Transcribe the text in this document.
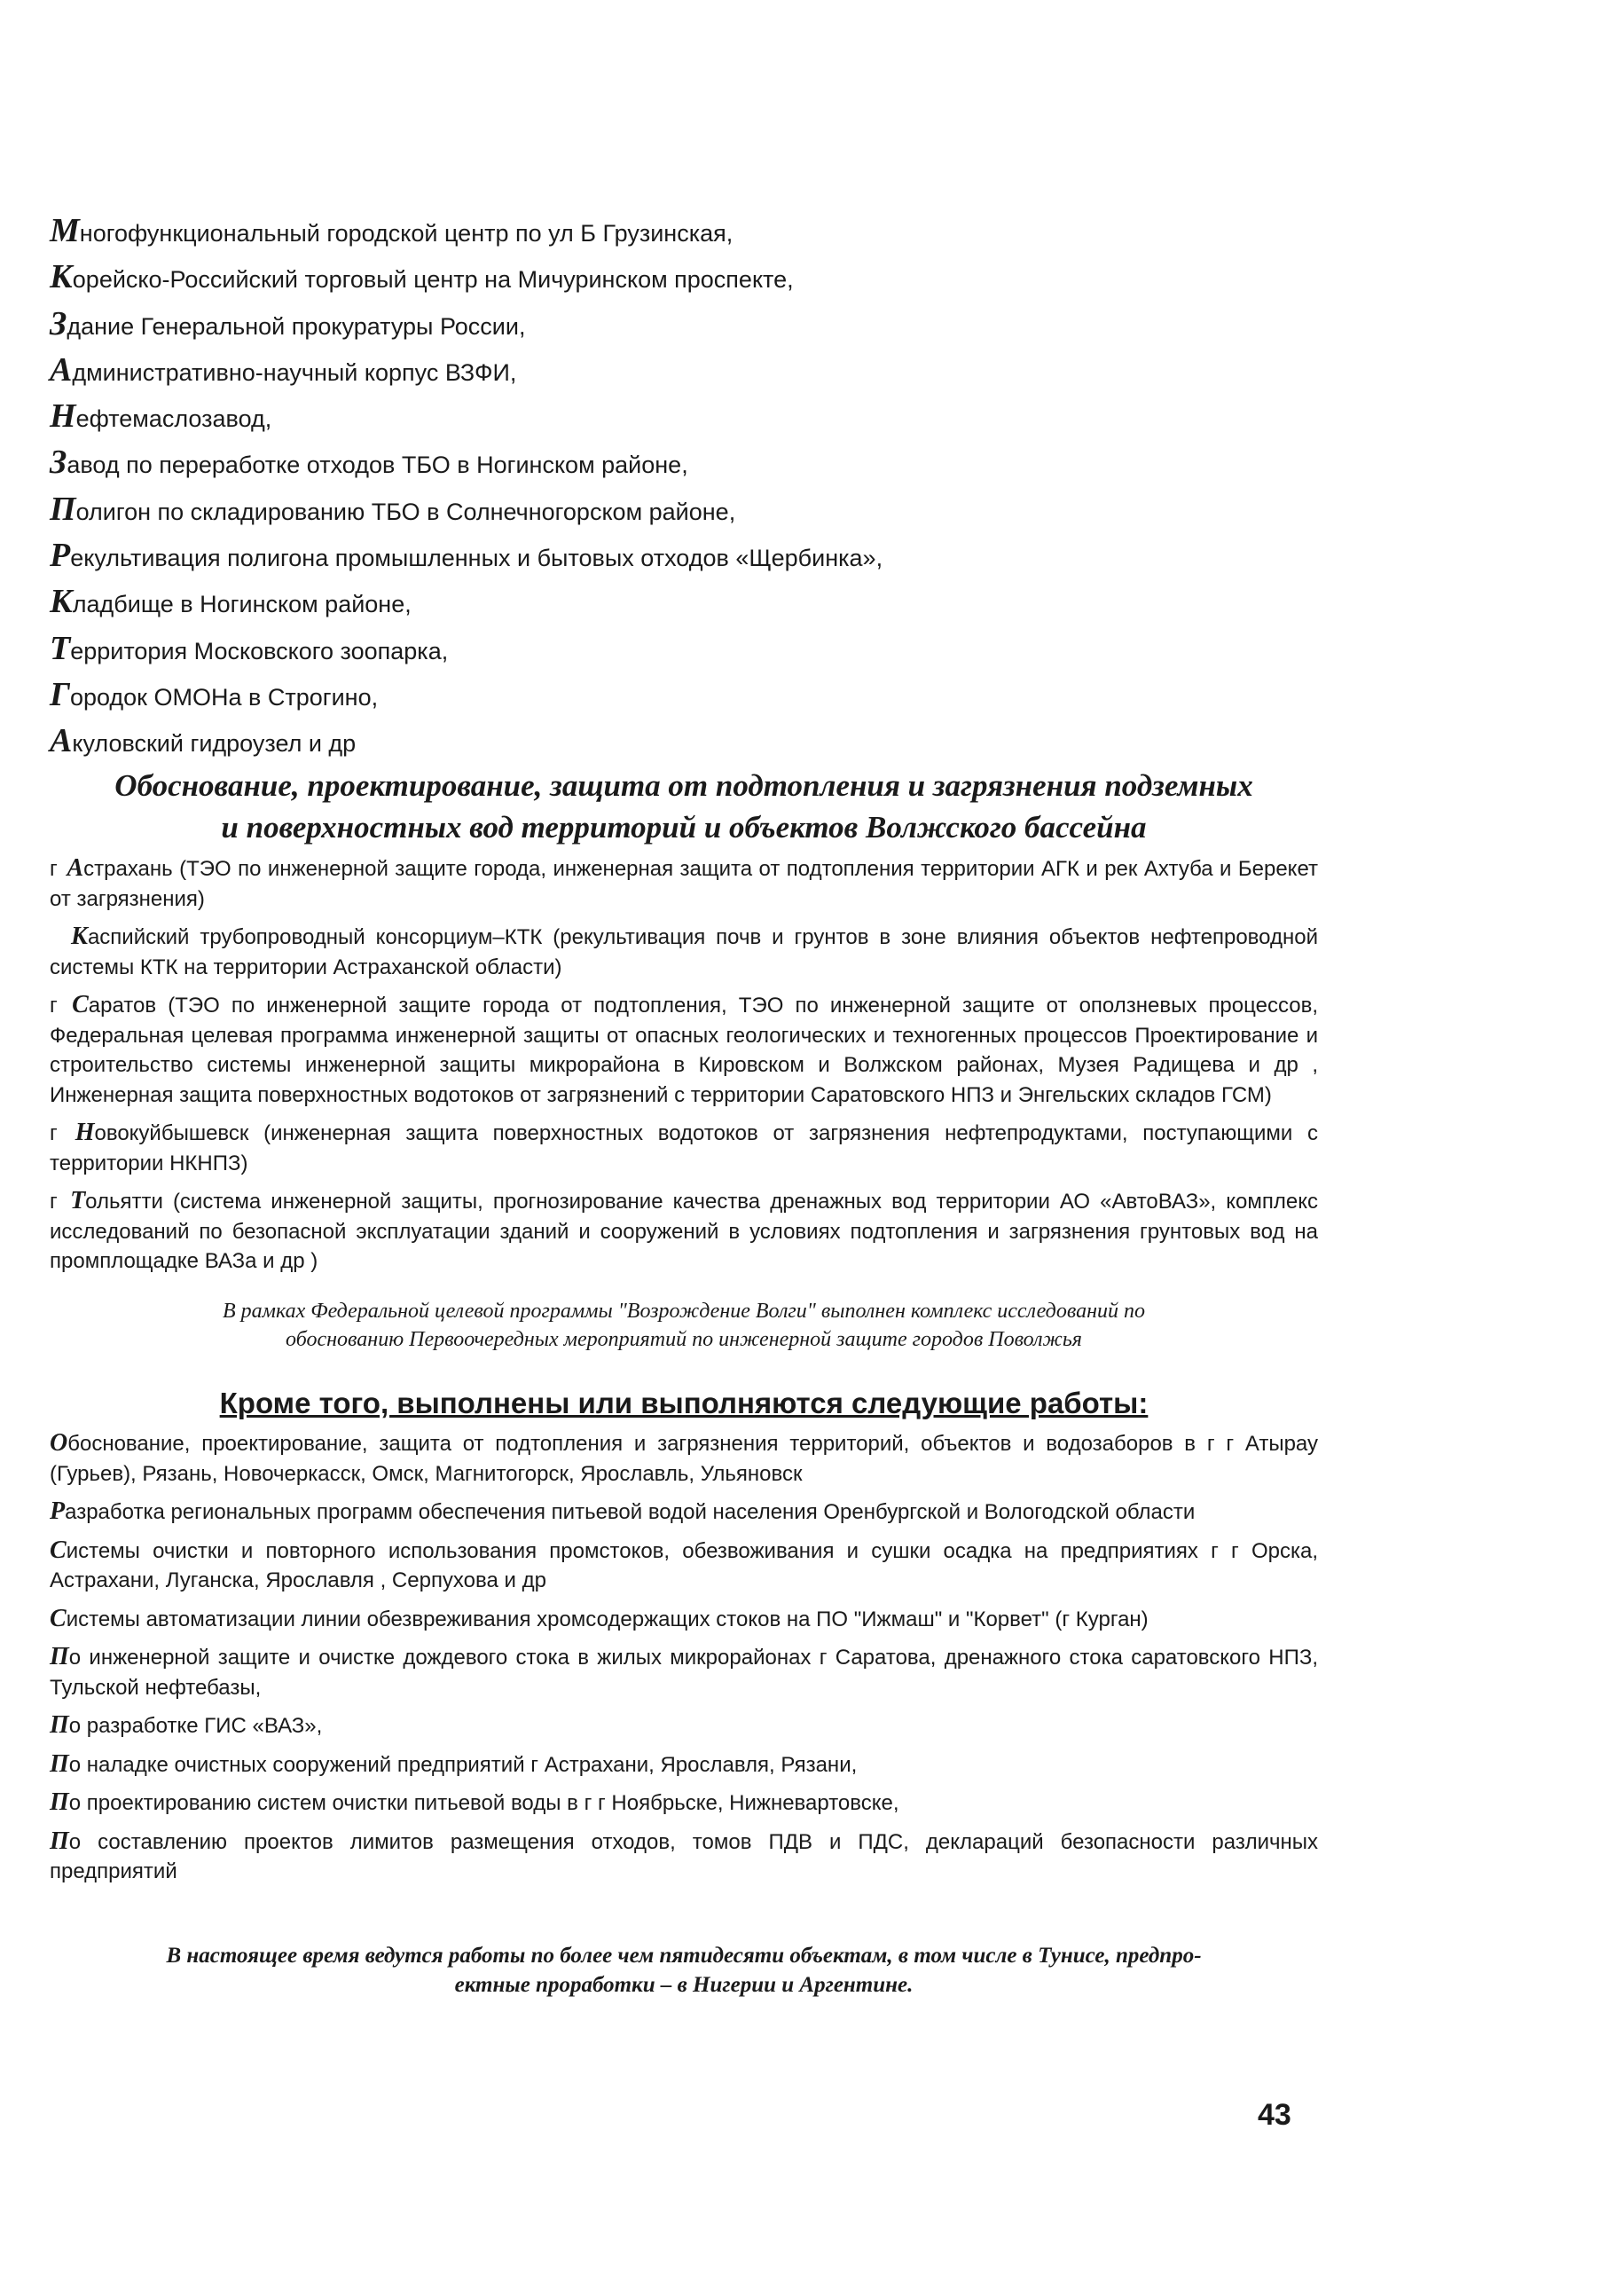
Многофункциональный городской центр по ул Б Грузинская,
Корейско-Российский торговый центр на Мичуринском проспекте,
Здание Генеральной прокуратуры России,
Административно-научный корпус ВЗФИ,
Нефтемаслозавод,
Завод по переработке отходов ТБО в Ногинском районе,
Полигон по складированию ТБО в Солнечногорском районе,
Рекультивация полигона промышленных и бытовых отходов «Щербинка»,
Кладбище в Ногинском районе,
Территория Московского зоопарка,
Городок ОМОНа в Строгино,
Акуловский гидроузел и др
Обоснование, проектирование, защита от подтопления и загрязнения подземных
и поверхностных вод территорий и объектов Волжского бассейна

г Астрахань (ТЭО по инженерной защите города, инженерная защита от подтопления территории АГК и рек Ахтуба и Берекет от загрязнения)

Каспийский трубопроводный консорциум–КТК (рекультивация почв и грунтов в зоне влияния объектов нефтепроводной системы КТК на территории Астраханской области)

г Саратов (ТЭО по инженерной защите города от подтопления, ТЭО по инженерной защите от оползневых процессов, Федеральная целевая программа инженерной защиты от опасных геологических и техногенных процессов Проектирование и строительство системы инженерной защиты микрорайона в Кировском и Волжском районах, Музея Радищева и др , Инженерная защита поверхностных водотоков от загрязнений с территории Саратовского НПЗ и Энгельских складов ГСМ)

г Новокуйбышевск (инженерная защита поверхностных водотоков от загрязнения нефтепродуктами, поступающими с территории НКНПЗ)

г Тольятти (система инженерной защиты, прогнозирование качества дренажных вод территории АО «АвтоВАЗ», комплекс исследований по безопасной эксплуатации зданий и сооружений в условиях подтопления и загрязнения грунтовых вод на промплощадке ВАЗа и др )

В рамках Федеральной целевой программы "Возрождение Волги" выполнен комплекс исследований по
обоснованию Первоочередных мероприятий по инженерной защите городов Поволжья
Кроме того, выполнены или выполняются следующие работы:

Обоснование, проектирование, защита от подтопления и загрязнения территорий, объектов и водозаборов в г г Атырау (Гурьев), Рязань, Новочеркасск, Омск, Магнитогорск, Ярославль, Ульяновск

Разработка региональных программ обеспечения питьевой водой населения Оренбургской и Вологодской области

Системы очистки и повторного использования промстоков, обезвоживания и сушки осадка на предприятиях г г Орска, Астрахани, Луганска, Ярославля , Серпухова и др

Системы автоматизации линии обезвреживания хромсодержащих стоков на ПО "Ижмаш" и "Корвет" (г Курган)

По инженерной защите и очистке дождевого стока в жилых микрорайонах г Саратова, дренажного стока саратовского НПЗ, Тульской нефтебазы,

По разработке ГИС «ВАЗ»,

По наладке очистных сооружений предприятий г Астрахани, Ярославля, Рязани,

По проектированию систем очистки питьевой воды в г г Ноябрьске, Нижневартовске,

По составлению проектов лимитов размещения отходов, томов ПДВ и ПДС, деклараций безопасности различных предприятий

В настоящее время ведутся работы по более чем пятидесяти объектам, в том числе в Тунисе, предпро-
ектные проработки – в Нигерии и Аргентине.
43
